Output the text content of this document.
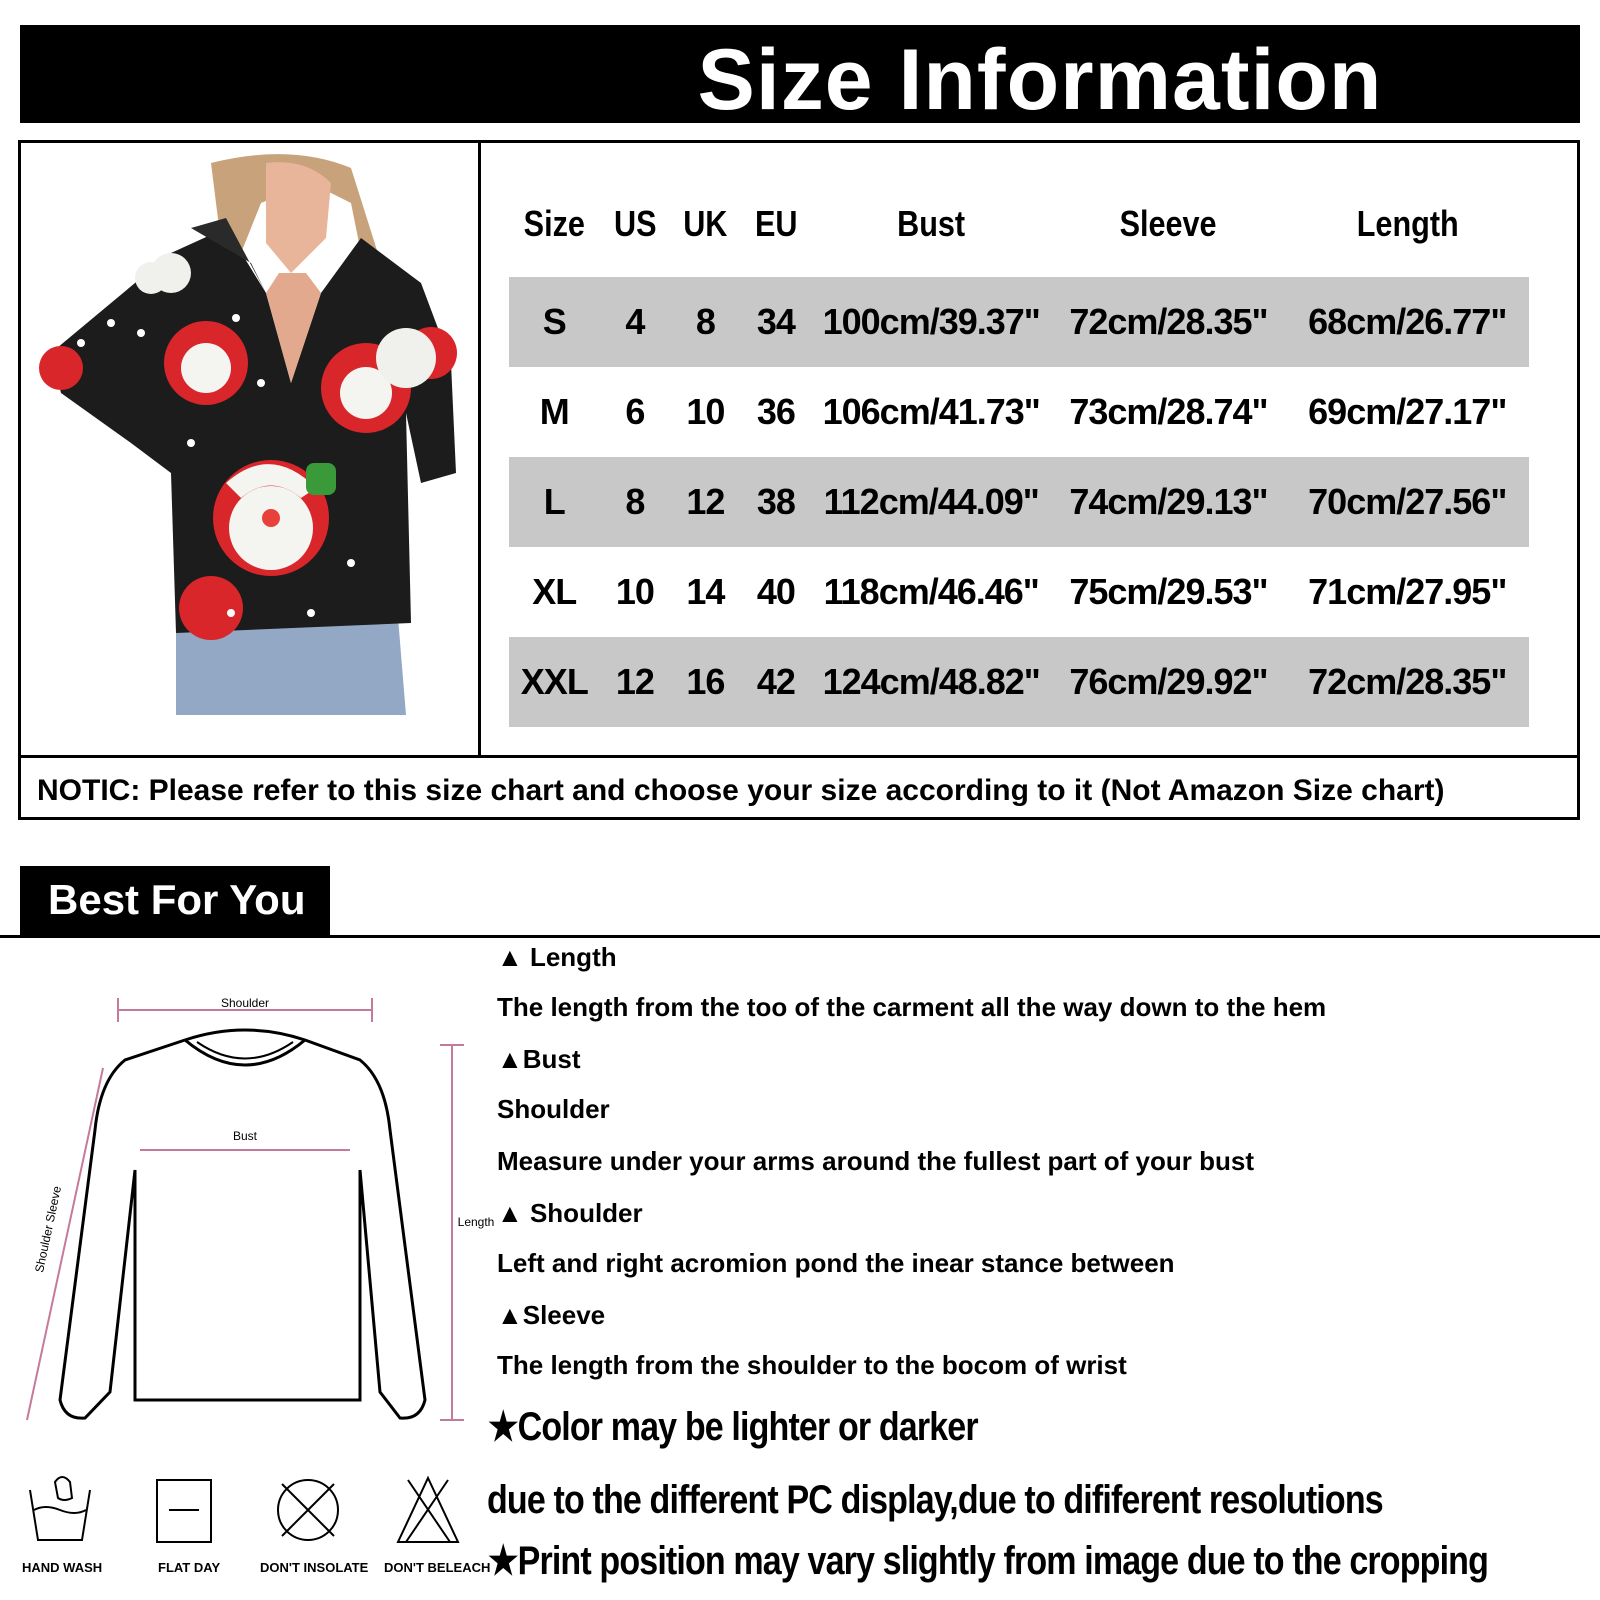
Size Information
Size	US	UK	EU	Bust	Sleeve	Length
S	4	8	34	100cm/39.37"	72cm/28.35"	68cm/26.77"
M	6	10	36	106cm/41.73"	73cm/28.74"	69cm/27.17"
L	8	12	38	112cm/44.09"	74cm/29.13"	70cm/27.56"
XL	10	14	40	118cm/46.46"	75cm/29.53"	71cm/27.95"
XXL	12	16	42	124cm/48.82"	76cm/29.92"	72cm/28.35"
NOTIC: Please refer to this size chart and choose your size according to it (Not Amazon Size chart)
Best For You
Shoulder
Bust
Shoulder Sleeve	Length
▲ Length
The length from the too of the carment all the way down to the hem
▲Bust
Shoulder
Measure under your arms around the fullest part of your bust
▲ Shoulder
Left and right acromion pond the inear stance between
▲Sleeve
The length from the shoulder to the bocom of wrist
★Color may be lighter or darker
due to the different PC display,due to dififerent resolutions
★Print position may vary slightly from image due to the cropping
HAND WASH	FLAT DAY	DON'T INSOLATE DON'T BELEACH
